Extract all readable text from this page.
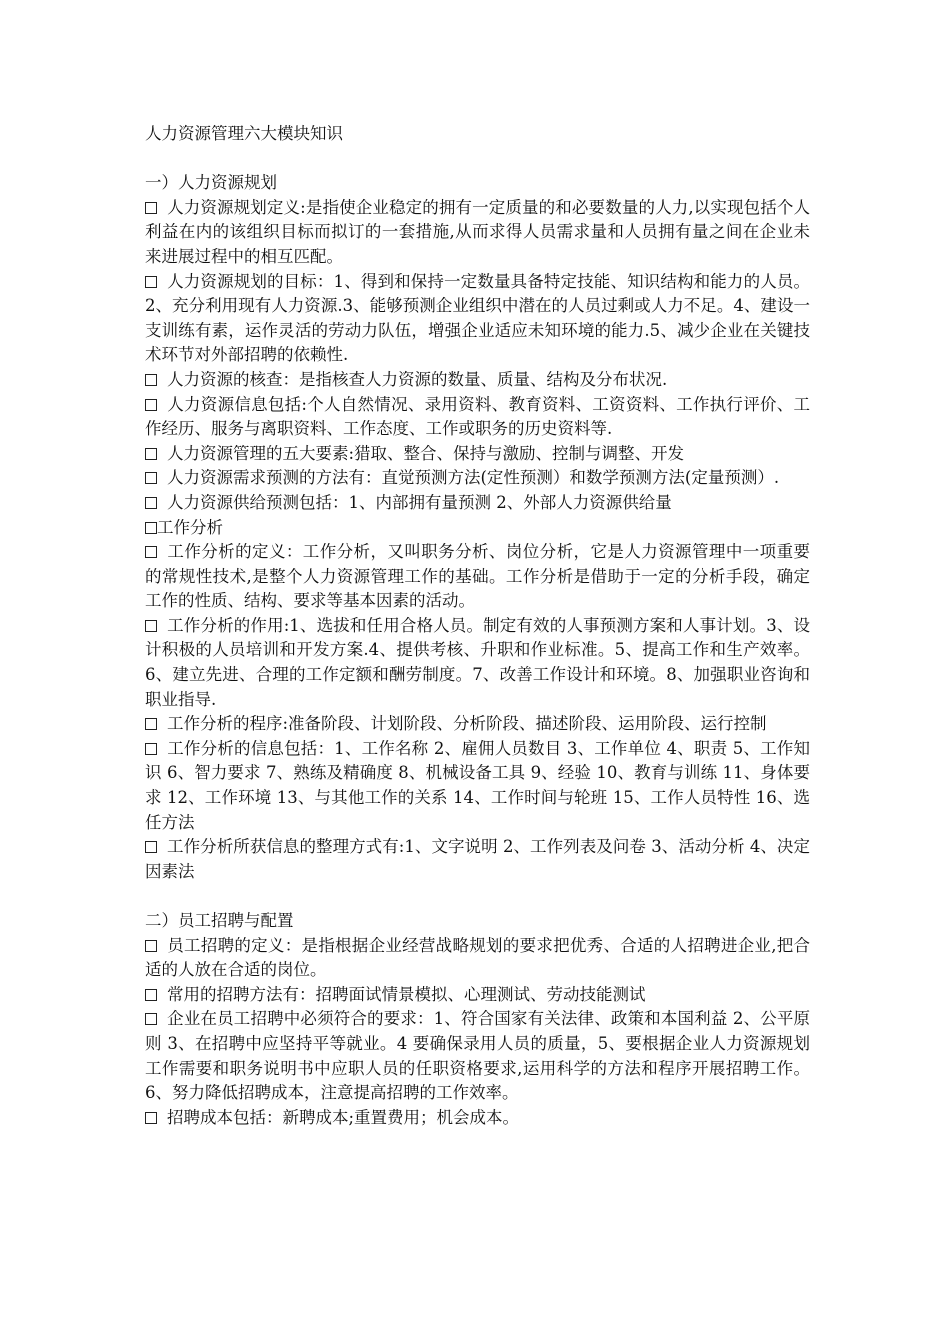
人力资源管理六大模块知识

一）人力资源规划

人力资源规划定义:是指使企业稳定的拥有一定质量的和必要数量的人力,以实现包括个人利益在内的该组织目标而拟订的一套措施,从而求得人员需求量和人员拥有量之间在企业未来进展过程中的相互匹配。

人力资源规划的目标：1、得到和保持一定数量具备特定技能、知识结构和能力的人员。2、充分利用现有人力资源.3、能够预测企业组织中潜在的人员过剩或人力不足。4、建设一支训练有素，运作灵活的劳动力队伍，增强企业适应未知环境的能力.5、减少企业在关键技术环节对外部招聘的依赖性.

人力资源的核查：是指核查人力资源的数量、质量、结构及分布状况.

人力资源信息包括:个人自然情况、录用资料、教育资料、工资资料、工作执行评价、工作经历、服务与离职资料、工作态度、工作或职务的历史资料等.

人力资源管理的五大要素:猎取、整合、保持与激励、控制与调整、开发

人力资源需求预测的方法有：直觉预测方法(定性预测）和数学预测方法(定量预测）.

人力资源供给预测包括：1、内部拥有量预测 2、外部人力资源供给量

工作分析

工作分析的定义：工作分析，又叫职务分析、岗位分析，它是人力资源管理中一项重要的常规性技术,是整个人力资源管理工作的基础。工作分析是借助于一定的分析手段，确定工作的性质、结构、要求等基本因素的活动。

工作分析的作用:1、选拔和任用合格人员。制定有效的人事预测方案和人事计划。3、设计积极的人员培训和开发方案.4、提供考核、升职和作业标准。5、提高工作和生产效率。6、建立先进、合理的工作定额和酬劳制度。7、改善工作设计和环境。8、加强职业咨询和职业指导.

工作分析的程序:准备阶段、计划阶段、分析阶段、描述阶段、运用阶段、运行控制

工作分析的信息包括：1、工作名称 2、雇佣人员数目 3、工作单位 4、职责 5、工作知识 6、智力要求 7、熟练及精确度 8、机械设备工具 9、经验 10、教育与训练 11、身体要求 12、工作环境 13、与其他工作的关系 14、工作时间与轮班 15、工作人员特性 16、选任方法

工作分析所获信息的整理方式有:1、文字说明 2、工作列表及问卷 3、活动分析 4、决定因素法

二）员工招聘与配置

员工招聘的定义：是指根据企业经营战略规划的要求把优秀、合适的人招聘进企业,把合适的人放在合适的岗位。

常用的招聘方法有：招聘面试情景模拟、心理测试、劳动技能测试

企业在员工招聘中必须符合的要求：1、符合国家有关法律、政策和本国利益 2、公平原则 3、在招聘中应坚持平等就业。4 要确保录用人员的质量，5、要根据企业人力资源规划工作需要和职务说明书中应职人员的任职资格要求,运用科学的方法和程序开展招聘工作。6、努力降低招聘成本，注意提高招聘的工作效率。

招聘成本包括：新聘成本;重置费用；机会成本。
